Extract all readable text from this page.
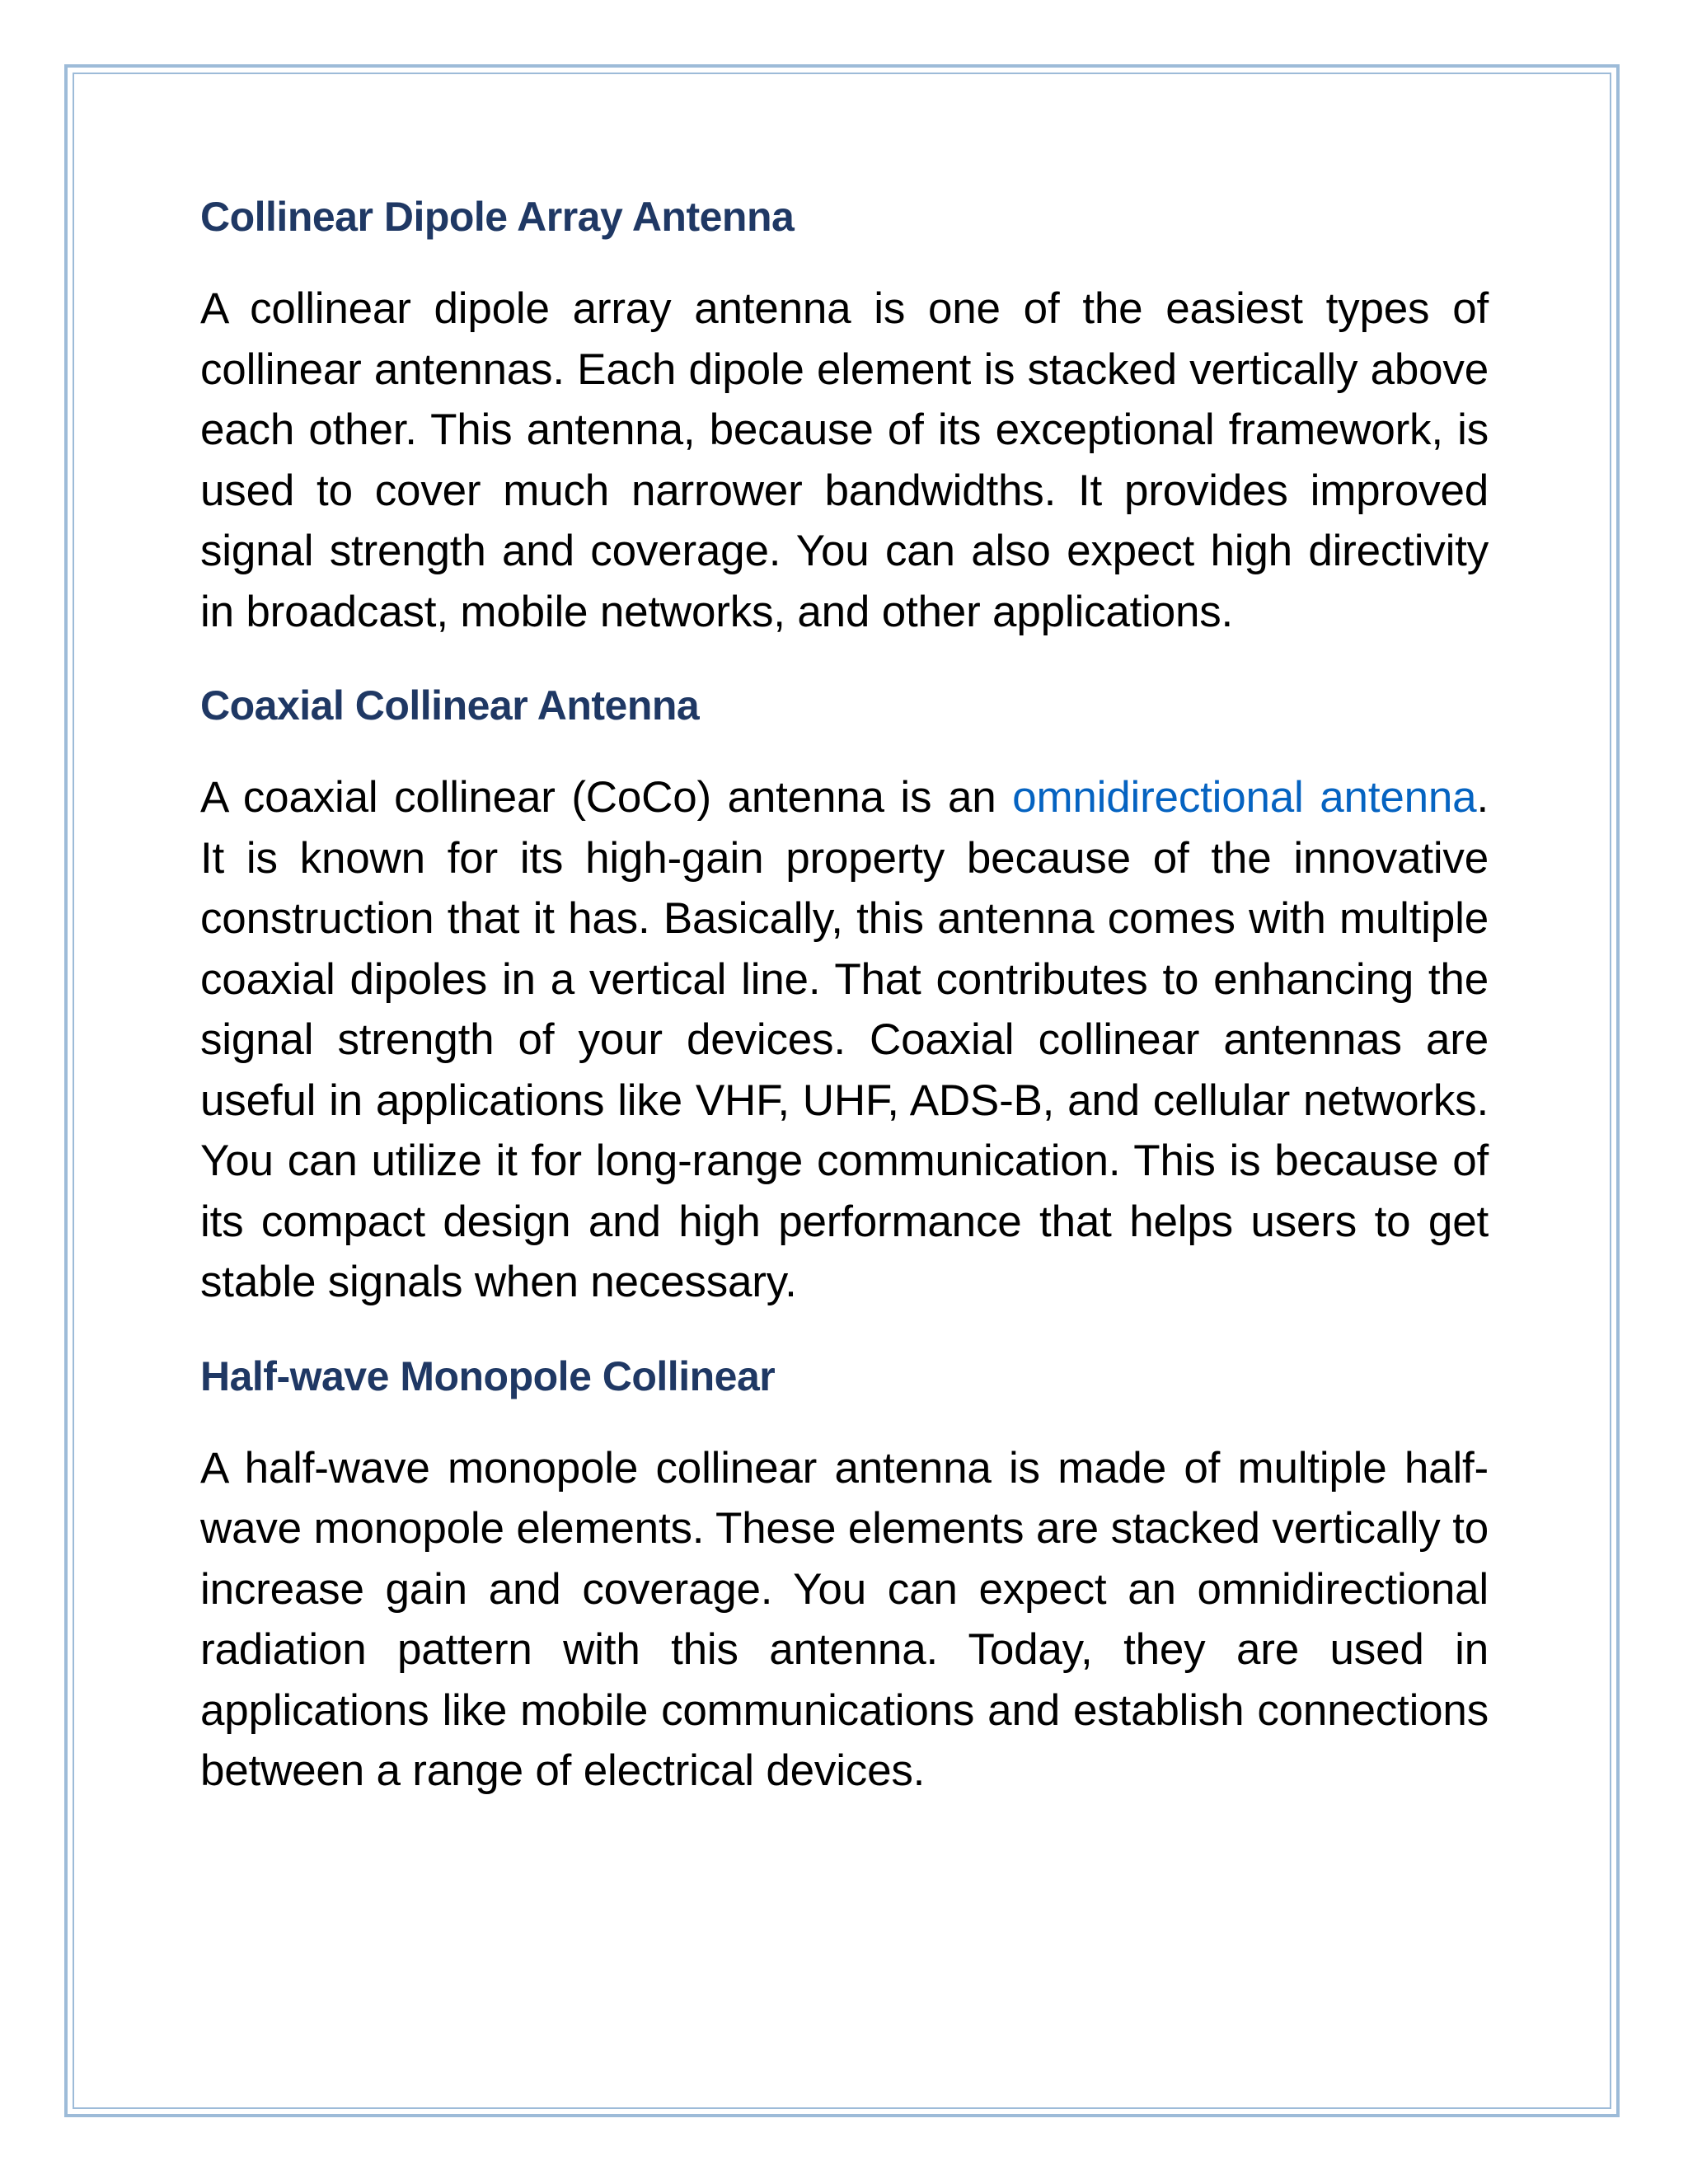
Collinear Dipole Array Antenna

A collinear dipole array antenna is one of the easiest types of collinear antennas. Each dipole element is stacked vertically above each other. This antenna, because of its exceptional framework, is used to cover much narrower bandwidths. It provides improved signal strength and coverage. You can also expect high directivity in broadcast, mobile networks, and other applications.

Coaxial Collinear Antenna

A coaxial collinear (CoCo) antenna is an omnidirectional antenna. It is known for its high-gain property because of the innovative construction that it has. Basically, this antenna comes with multiple coaxial dipoles in a vertical line. That contributes to enhancing the signal strength of your devices. Coaxial collinear antennas are useful in applications like VHF, UHF, ADS-B, and cellular networks. You can utilize it for long-range communication. This is because of its compact design and high performance that helps users to get stable signals when necessary.

Half-wave Monopole Collinear

A half-wave monopole collinear antenna is made of multiple half-wave monopole elements. These elements are stacked vertically to increase gain and coverage. You can expect an omnidirectional radiation pattern with this antenna. Today, they are used in applications like mobile communications and establish connections between a range of electrical devices.
